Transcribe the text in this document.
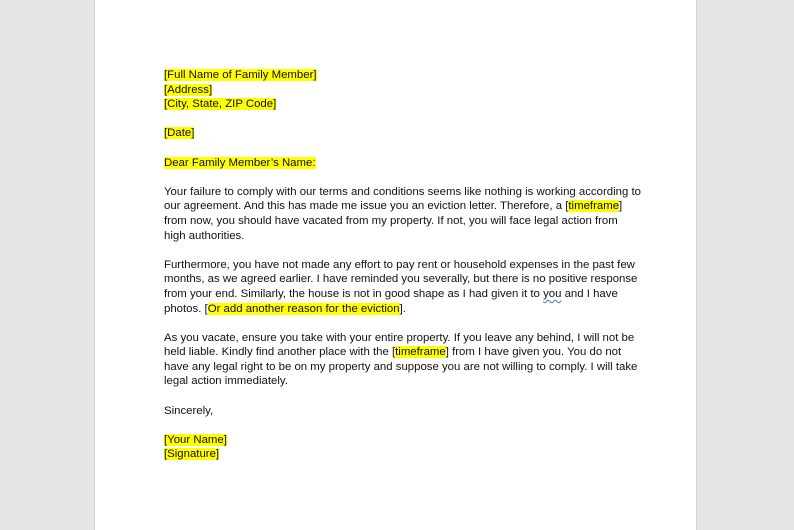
[Full Name of Family Member]
[Address]
[City, State, ZIP Code]
[Date]
Dear Family Member’s Name:
Your failure to comply with our terms and conditions seems like nothing is working according to
our agreement. And this has made me issue you an eviction letter. Therefore, a [timeframe]
from now, you should have vacated from my property. If not, you will face legal action from
high authorities.
Furthermore, you have not made any effort to pay rent or household expenses in the past few
months, as we agreed earlier. I have reminded you severally, but there is no positive response
from your end. Similarly, the house is not in good shape as I had given it to you and I have
photos. [Or add another reason for the eviction].
As you vacate, ensure you take with your entire property. If you leave any behind, I will not be
held liable. Kindly find another place with the [timeframe] from I have given you. You do not
have any legal right to be on my property and suppose you are not willing to comply. I will take
legal action immediately.
Sincerely,
[Your Name]
[Signature]
